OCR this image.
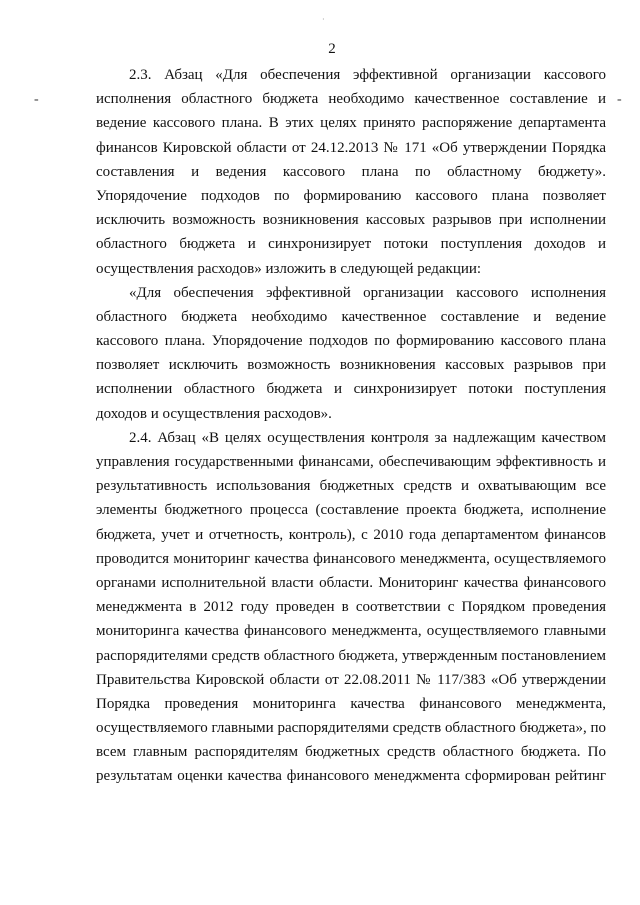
·
-	-
2
2.3. Абзац «Для обеспечения эффективной организации кассового
исполнения областного бюджета необходимо качественное составление и
ведение кассового плана. В этих целях принято распоряжение департамента
финансов Кировской области от 24.12.2013 № 171 «Об утверждении Порядка
составления и ведения кассового плана по областному бюджету».
Упорядочение подходов по формированию кассового плана позволяет
исключить возможность возникновения кассовых разрывов при исполнении
областного бюджета и синхронизирует потоки поступления доходов и
осуществления расходов» изложить в следующей редакции:
«Для обеспечения эффективной организации кассового исполнения
областного бюджета необходимо качественное составление и ведение
кассового плана. Упорядочение подходов по формированию кассового плана
позволяет исключить возможность возникновения кассовых разрывов при
исполнении областного бюджета и синхронизирует потоки поступления
доходов и осуществления расходов».
2.4. Абзац «В целях осуществления контроля за надлежащим качеством
управления государственными финансами, обеспечивающим эффективность и
результативность использования бюджетных средств и охватывающим все
элементы бюджетного процесса (составление проекта бюджета, исполнение
бюджета, учет и отчетность, контроль), с 2010 года департаментом финансов
проводится мониторинг качества финансового менеджмента, осуществляемого
органами исполнительной власти области. Мониторинг качества финансового
менеджмента в 2012 году проведен в соответствии с Порядком проведения
мониторинга качества финансового менеджмента, осуществляемого главными
распорядителями средств областного бюджета, утвержденным постановлением
Правительства Кировской области от 22.08.2011 № 117/383 «Об утверждении
Порядка проведения мониторинга качества финансового менеджмента,
осуществляемого главными распорядителями средств областного бюджета», по
всем главным распорядителям бюджетных средств областного бюджета. По
результатам оценки качества финансового менеджмента сформирован рейтинг
